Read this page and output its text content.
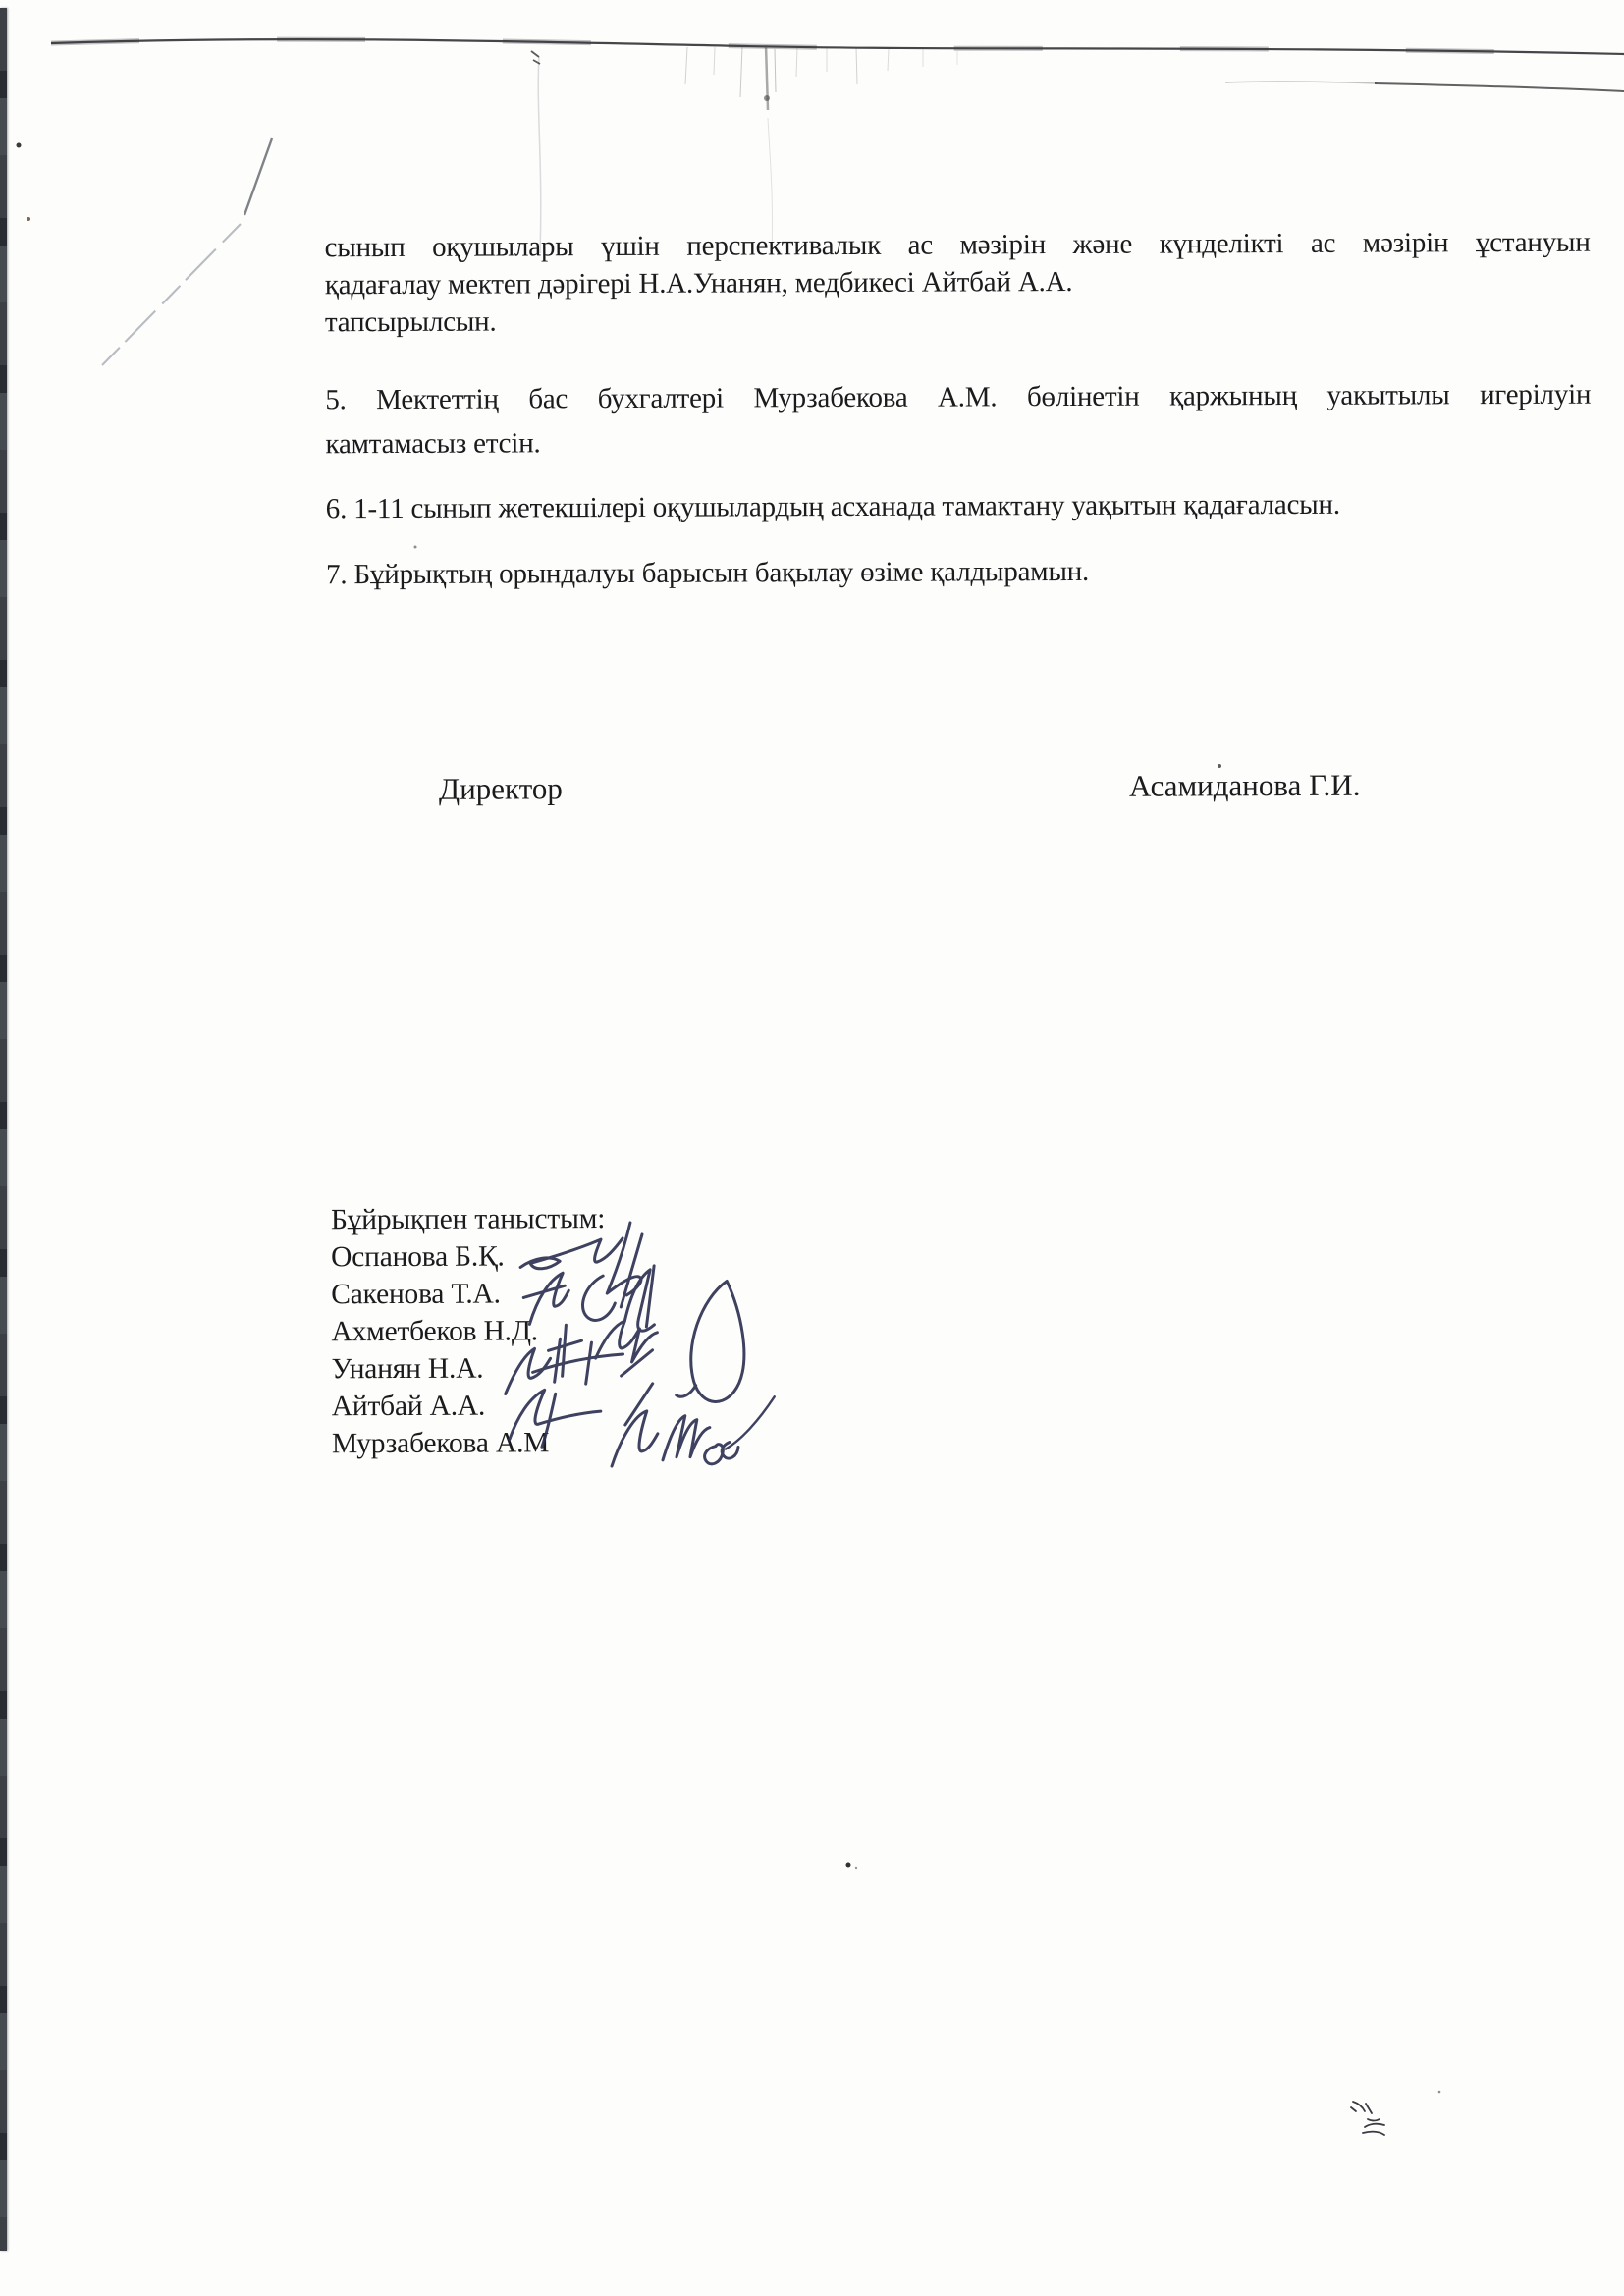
сынып оқушылары үшін перспективалык ас мәзірін және күнделікті ас мәзірін ұстануын
қадағалау мектеп дәрігері Н.А.Унанян, медбикесі Айтбай А.А.
тапсырылсын.
5. Мектеттің бас бухгалтері Мурзабекова А.М. бөлінетін қаржының уакытылы игерілуін
камтамасыз етсін.
6. 1-11 сынып жетекшілері оқушылардың асханада тамактану уақытын қадағаласын.
7. Бұйрықтың орындалуы барысын бақылау өзіме қалдырамын.
Директор	Асамиданова Г.И.
Бұйрықпен таныстым:
Оспанова Б.Қ.
Сакенова Т.А.
Ахметбеков Н.Д.
Унанян Н.А.
Айтбай А.А.
Мурзабекова А.М
